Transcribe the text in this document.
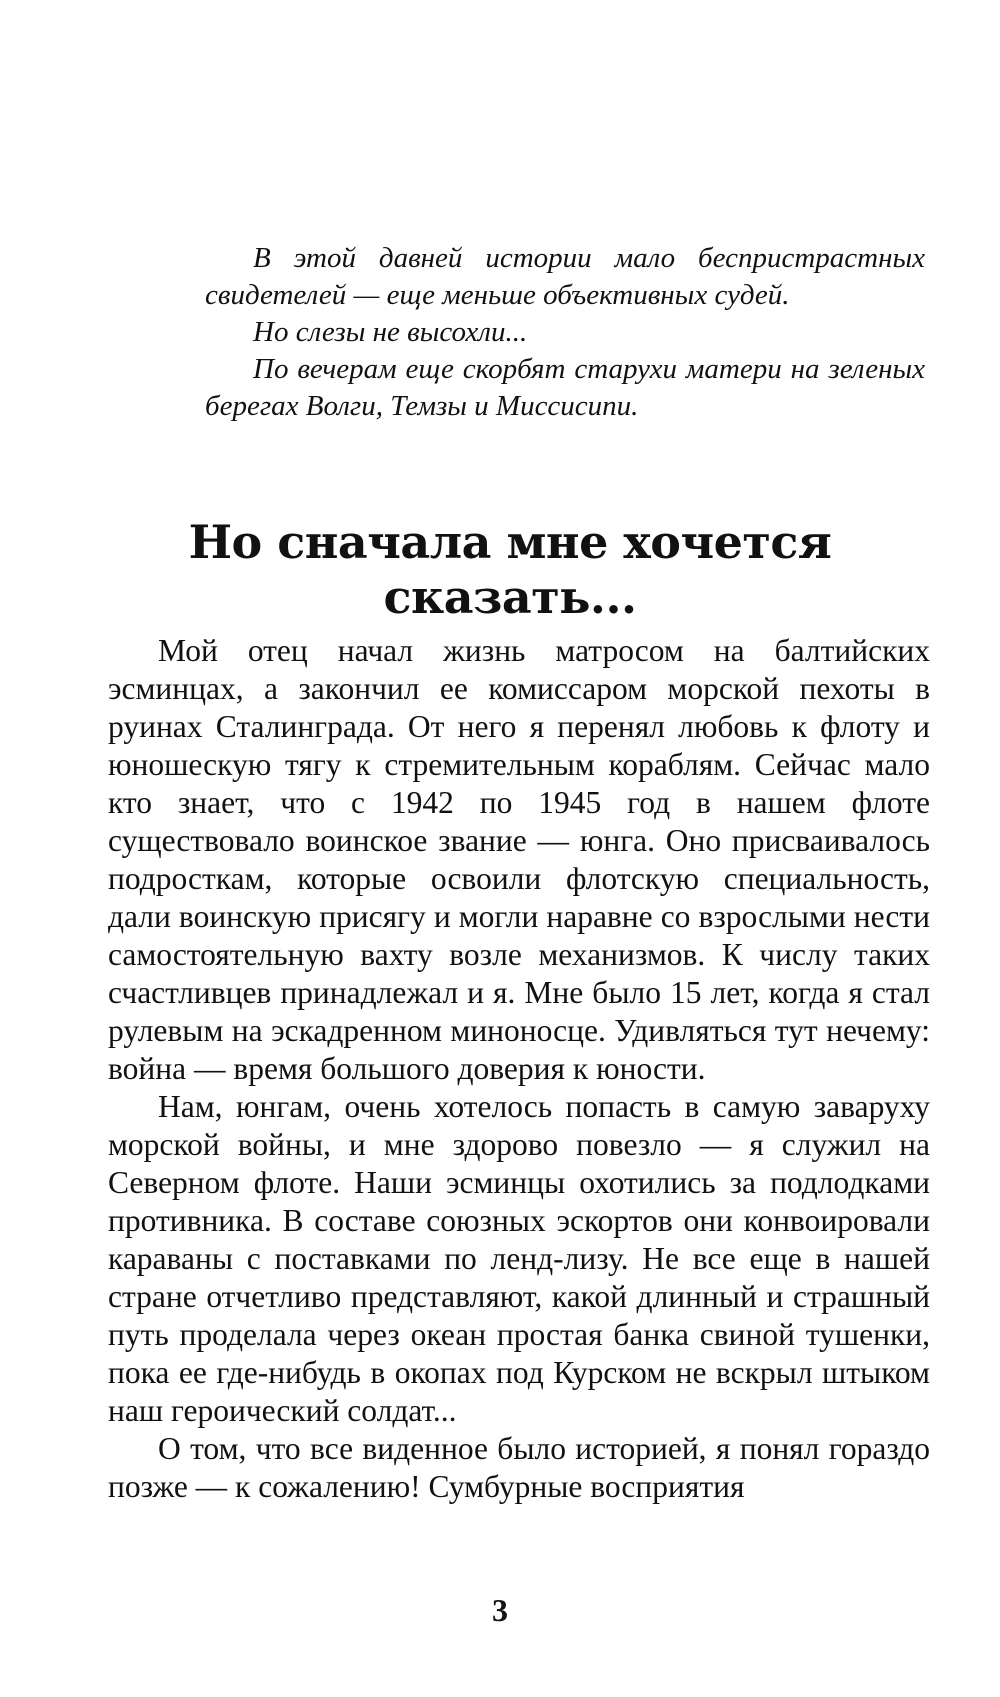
В этой давней истории мало беспристрастных свидетелей — еще меньше объективных судей.

Но слезы не высохли...

По вечерам еще скорбят старухи матери на зеленых берегах Волги, Темзы и Миссисипи.

Но сначала мне хочется сказать...

Мой отец начал жизнь матросом на балтийских эсминцах, а закончил ее комиссаром морской пехоты в руинах Сталинграда. От него я перенял любовь к флоту и юношескую тягу к стремительным кораблям. Сейчас мало кто знает, что с 1942 по 1945 год в нашем флоте существовало воинское звание — юнга. Оно присваивалось подросткам, которые освоили флотскую специальность, дали воинскую присягу и могли наравне со взрослыми нести самостоятельную вахту возле механизмов. К числу таких счастливцев принадлежал и я. Мне было 15 лет, когда я стал рулевым на эскадренном миноносце. Удивляться тут нечему: война — время большого доверия к юности.

Нам, юнгам, очень хотелось попасть в самую заваруху морской войны, и мне здорово повезло — я служил на Северном флоте. Наши эсминцы охотились за подлодками противника. В составе союзных эскортов они конвоировали караваны с поставками по ленд-лизу. Не все еще в нашей стране отчетливо представляют, какой длинный и страшный путь проделала через океан простая банка свиной тушенки, пока ее где-нибудь в окопах под Курском не вскрыл штыком наш героический солдат...

О том, что все виденное было историей, я понял гораздо позже — к сожалению! Сумбурные восприятия

3
